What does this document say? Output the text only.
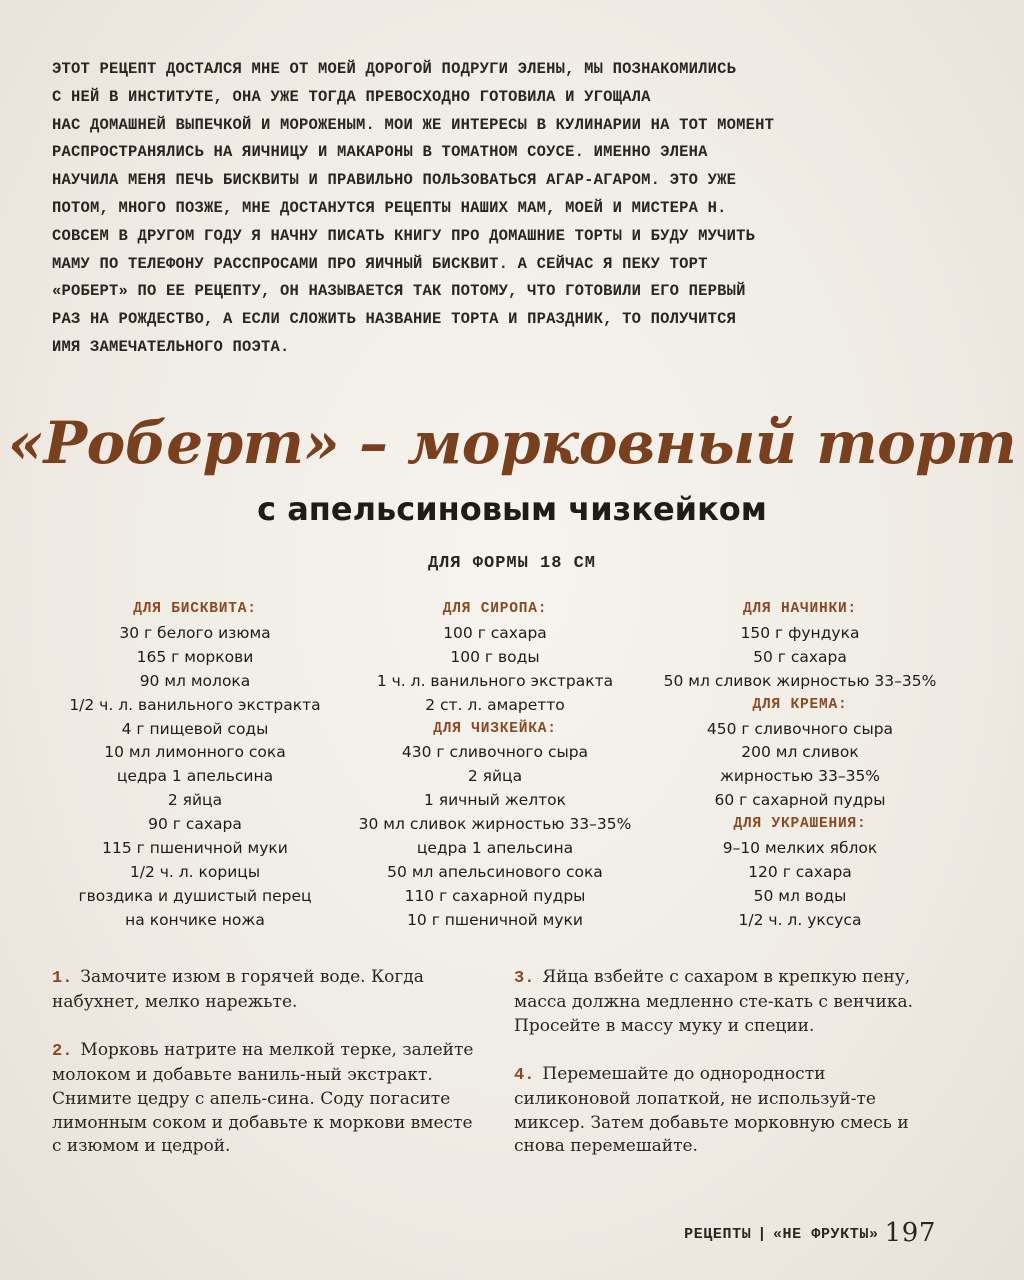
ЭТОТ РЕЦЕПТ ДОСТАЛСЯ МНЕ ОТ МОЕЙ ДОРОГОЙ ПОДРУГИ ЭЛЕНЫ, МЫ ПОЗНАКОМИЛИСЬ
С НЕЙ В ИНСТИТУТЕ, ОНА УЖЕ ТОГДА ПРЕВОСХОДНО ГОТОВИЛА И УГОЩАЛА
НАС ДОМАШНЕЙ ВЫПЕЧКОЙ И МОРОЖЕНЫМ. МОИ ЖЕ ИНТЕРЕСЫ В КУЛИНАРИИ НА ТОТ МОМЕНТ
РАСПРОСТРАНЯЛИСЬ НА ЯИЧНИЦУ И МАКАРОНЫ В ТОМАТНОМ СОУСЕ. ИМЕННО ЭЛЕНА
НАУЧИЛА МЕНЯ ПЕЧЬ БИСКВИТЫ И ПРАВИЛЬНО ПОЛЬЗОВАТЬСЯ АГАР-АГАРОМ. ЭТО УЖЕ
ПОТОМ, МНОГО ПОЗЖЕ, МНЕ ДОСТАНУТСЯ РЕЦЕПТЫ НАШИХ МАМ, МОЕЙ И МИСТЕРА Н.
СОВСЕМ В ДРУГОМ ГОДУ Я НАЧНУ ПИСАТЬ КНИГУ ПРО ДОМАШНИЕ ТОРТЫ И БУДУ МУЧИТЬ
МАМУ ПО ТЕЛЕФОНУ РАССПРОСАМИ ПРО ЯИЧНЫЙ БИСКВИТ. А СЕЙЧАС Я ПЕКУ ТОРТ
«РОБЕРТ» ПО ЕЕ РЕЦЕПТУ, ОН НАЗЫВАЕТСЯ ТАК ПОТОМУ, ЧТО ГОТОВИЛИ ЕГО ПЕРВЫЙ
РАЗ НА РОЖДЕСТВО, А ЕСЛИ СЛОЖИТЬ НАЗВАНИЕ ТОРТА И ПРАЗДНИК, ТО ПОЛУЧИТСЯ
ИМЯ ЗАМЕЧАТЕЛЬНОГО ПОЭТА.
«Роберт» – морковный торт
с апельсиновым чизкейком
ДЛЯ ФОРМЫ 18 СМ
ДЛЯ БИСКВИТА:
30 г белого изюма
165 г моркови
90 мл молока
1/2 ч. л. ванильного экстракта
4 г пищевой соды
10 мл лимонного сока
цедра 1 апельсина
2 яйца
90 г сахара
115 г пшеничной муки
1/2 ч. л. корицы
гвоздика и душистый перец
на кончике ножа
ДЛЯ СИРОПА:
100 г сахара
100 г воды
1 ч. л. ванильного экстракта
2 ст. л. амаретто
ДЛЯ ЧИЗКЕЙКА:
430 г сливочного сыра
2 яйца
1 яичный желток
30 мл сливок жирностью 33–35%
цедра 1 апельсина
50 мл апельсинового сока
110 г сахарной пудры
10 г пшеничной муки
ДЛЯ НАЧИНКИ:
150 г фундука
50 г сахара
50 мл сливок жирностью 33–35%
ДЛЯ КРЕМА:
450 г сливочного сыра
200 мл сливок
жирностью 33–35%
60 г сахарной пудры
ДЛЯ УКРАШЕНИЯ:
9–10 мелких яблок
120 г сахара
50 мл воды
1/2 ч. л. уксуса
1. Замочите изюм в горячей воде. Когда набухнет, мелко нарежьте.
2. Морковь натрите на мелкой терке, залейте молоком и добавьте ваниль-ный экстракт. Снимите цедру с апель-сина. Соду погасите лимонным соком и добавьте к моркови вместе с изюмом и цедрой.
3. Яйца взбейте с сахаром в крепкую пену, масса должна медленно сте-кать с венчика. Просейте в массу муку и специи.
4. Перемешайте до однородности силиконовой лопаткой, не используй-те миксер. Затем добавьте морковную смесь и снова перемешайте.
РЕЦЕПТЫ | «НЕ ФРУКТЫ» 197
